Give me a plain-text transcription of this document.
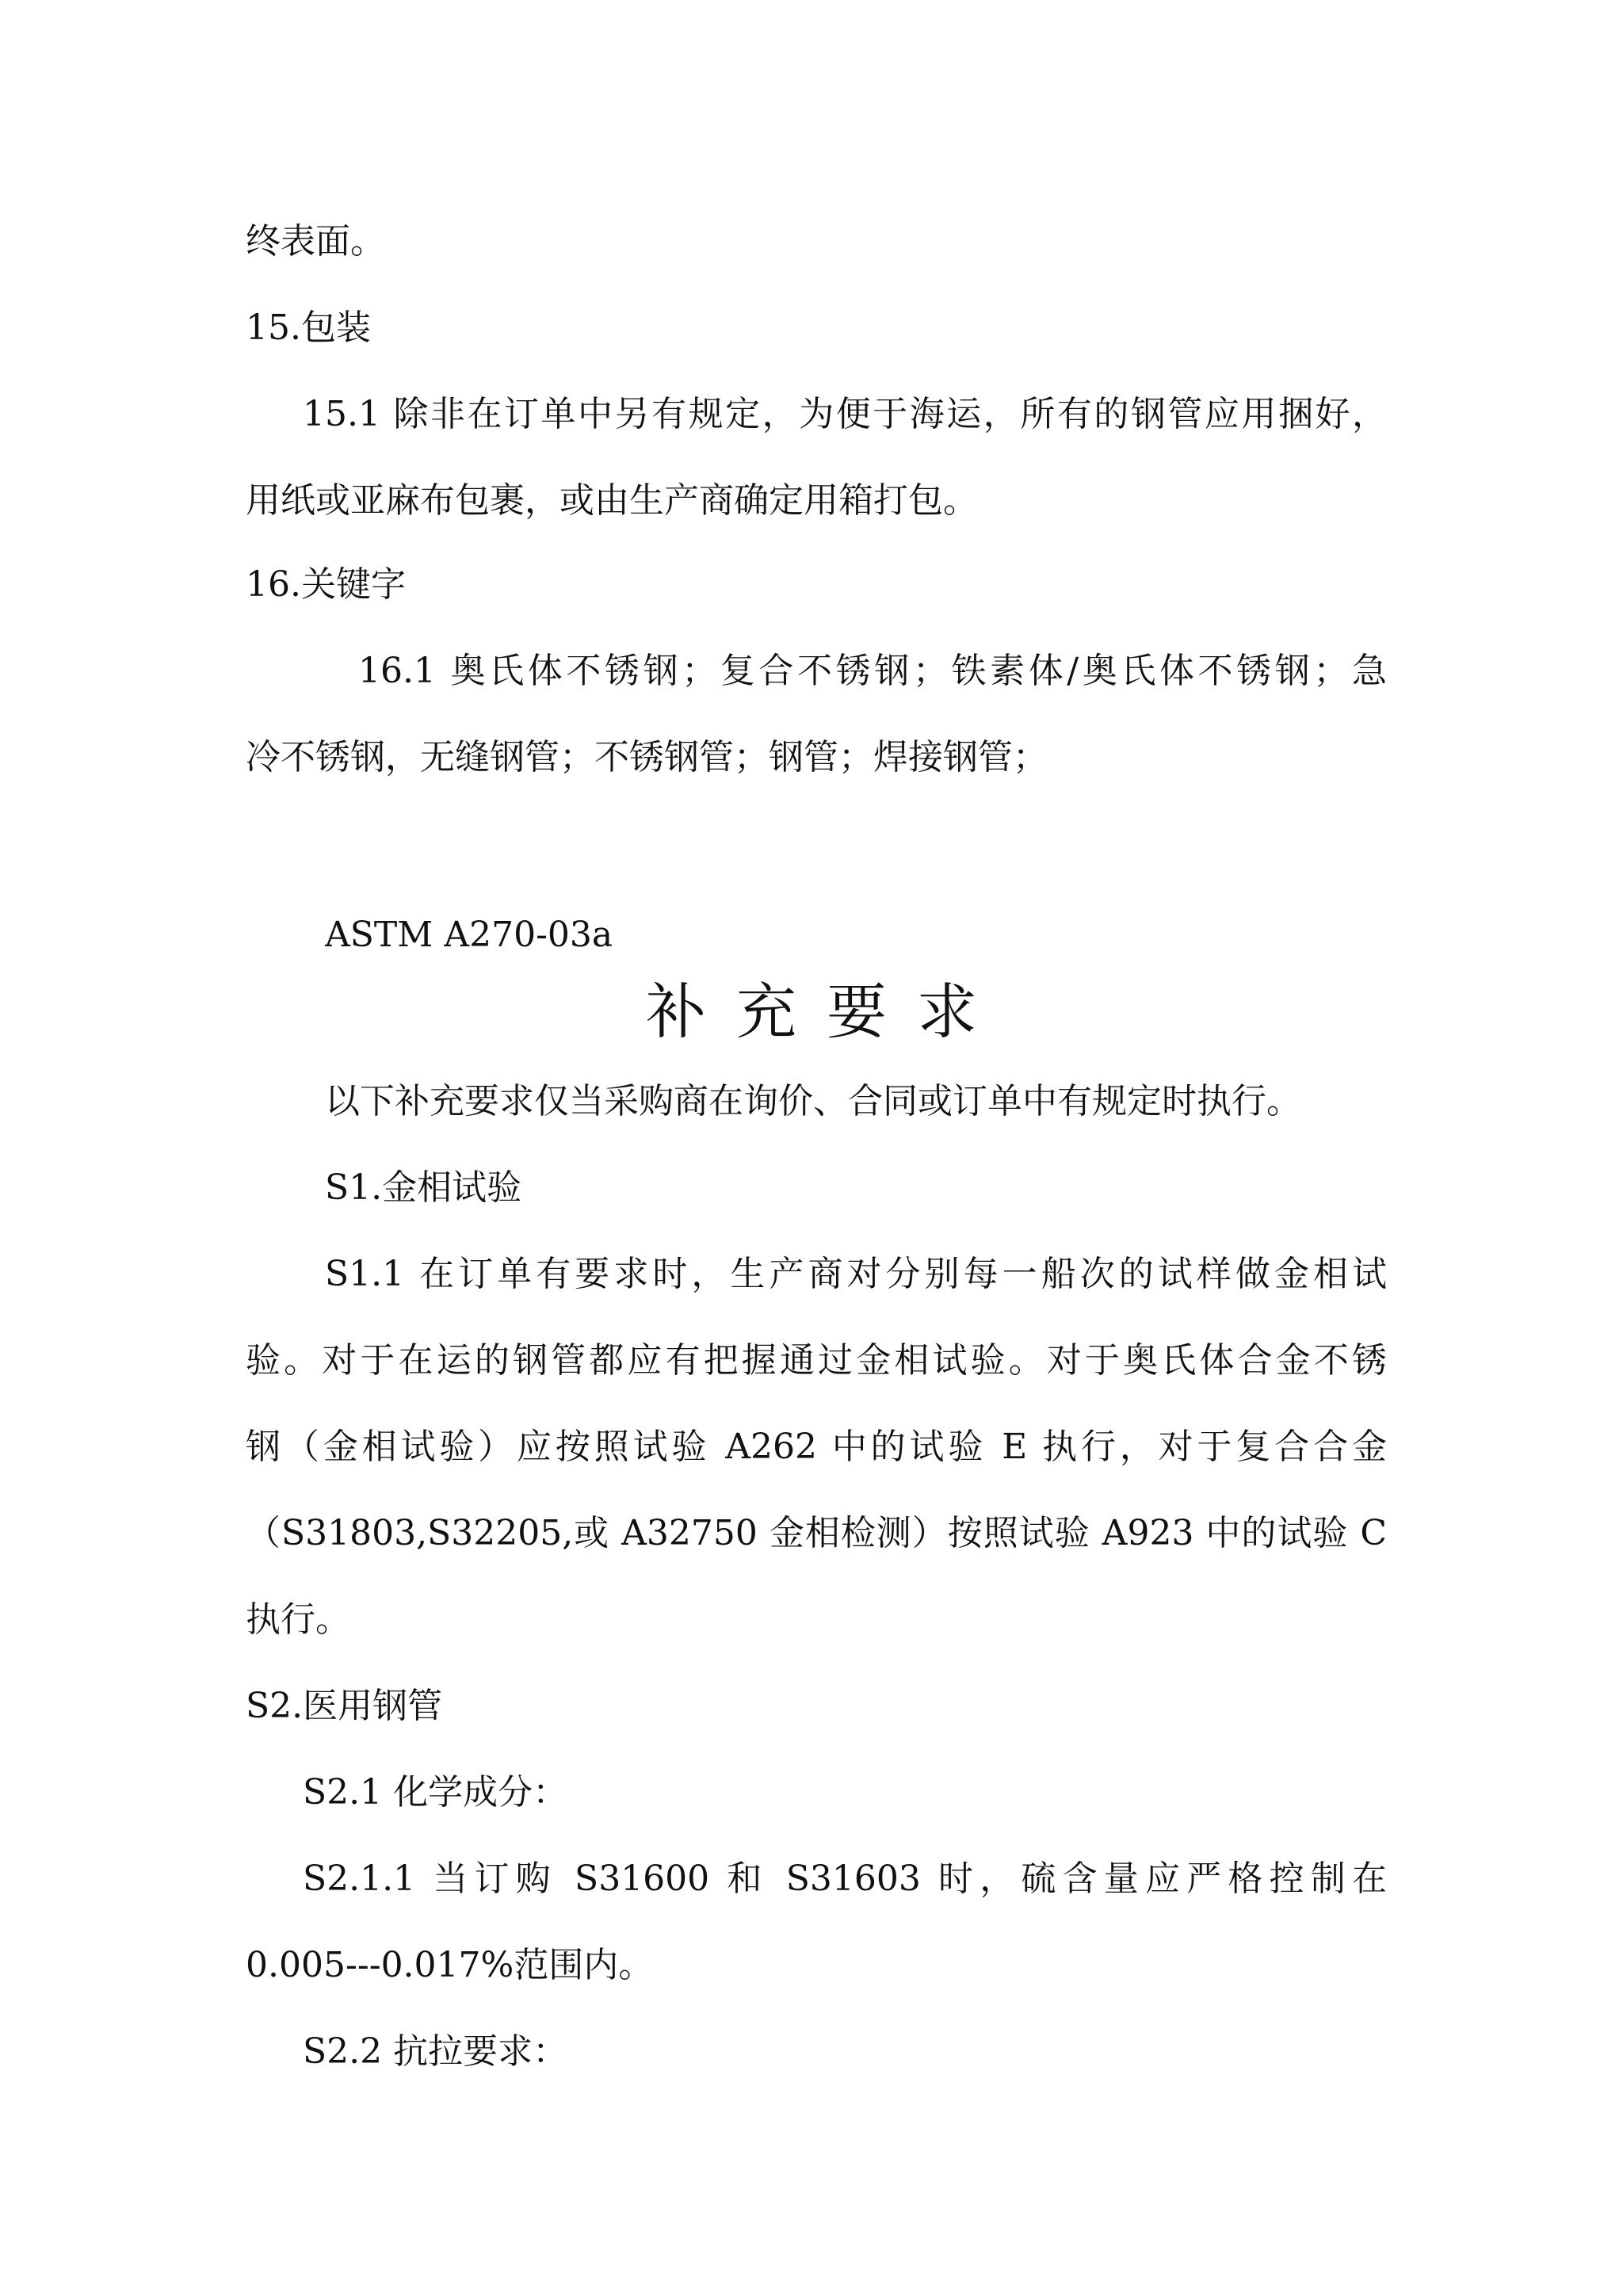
终表面。
15.包装
15.1 除非在订单中另有规定，为便于海运，所有的钢管应用捆好，
用纸或亚麻布包裹，或由生产商确定用箱打包。
16.关键字
16.1 奥氏体不锈钢；复合不锈钢；铁素体/奥氏体不锈钢；急
冷不锈钢，无缝钢管；不锈钢管；钢管；焊接钢管；
ASTM A270-03a
补充要求
以下补充要求仅当采购商在询价、合同或订单中有规定时执行。
S1.金相试验
S1.1 在订单有要求时，生产商对分别每一船次的试样做金相试
验。对于在运的钢管都应有把握通过金相试验。对于奥氏体合金不锈
钢（金相试验）应按照试验 A262 中的试验 E 执行，对于复合合金
（S31803,S32205,或 A32750 金相检测）按照试验 A923 中的试验 C
执行。
S2.医用钢管
S2.1 化学成分：
S2.1.1 当订购 S31600 和 S31603 时，硫含量应严格控制在
0.005---0.017%范围内。
S2.2 抗拉要求：
